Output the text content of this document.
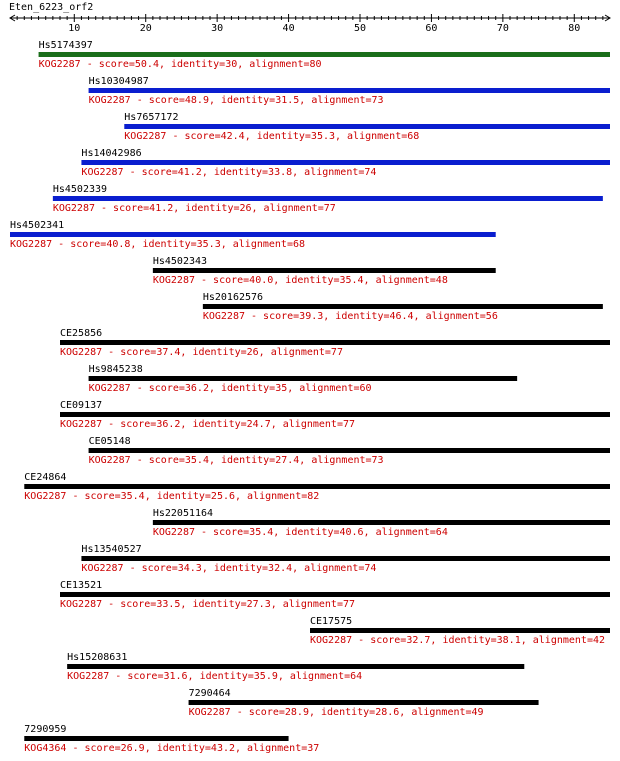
Eten_6223_orf2
10	20	30	40	50	60	70	80
Hs5174397
KOG2287 - score=50.4, identity=30, alignment=80
Hs10304987
KOG2287 - score=48.9, identity=31.5, alignment=73
Hs7657172
KOG2287 - score=42.4, identity=35.3, alignment=68
Hs14042986
KOG2287 - score=41.2, identity=33.8, alignment=74
Hs4502339
KOG2287 - score=41.2, identity=26, alignment=77
Hs4502341
KOG2287 - score=40.8, identity=35.3, alignment=68
Hs4502343
KOG2287 - score=40.0, identity=35.4, alignment=48
Hs20162576
KOG2287 - score=39.3, identity=46.4, alignment=56
CE25856
KOG2287 - score=37.4, identity=26, alignment=77
Hs9845238
KOG2287 - score=36.2, identity=35, alignment=60
CE09137
KOG2287 - score=36.2, identity=24.7, alignment=77
CE05148
KOG2287 - score=35.4, identity=27.4, alignment=73
CE24864
KOG2287 - score=35.4, identity=25.6, alignment=82
Hs22051164
KOG2287 - score=35.4, identity=40.6, alignment=64
Hs13540527
KOG2287 - score=34.3, identity=32.4, alignment=74
CE13521
KOG2287 - score=33.5, identity=27.3, alignment=77
CE17575
KOG2287 - score=32.7, identity=38.1, alignment=42
Hs15208631
KOG2287 - score=31.6, identity=35.9, alignment=64
7290464
KOG2287 - score=28.9, identity=28.6, alignment=49
7290959
KOG4364 - score=26.9, identity=43.2, alignment=37
